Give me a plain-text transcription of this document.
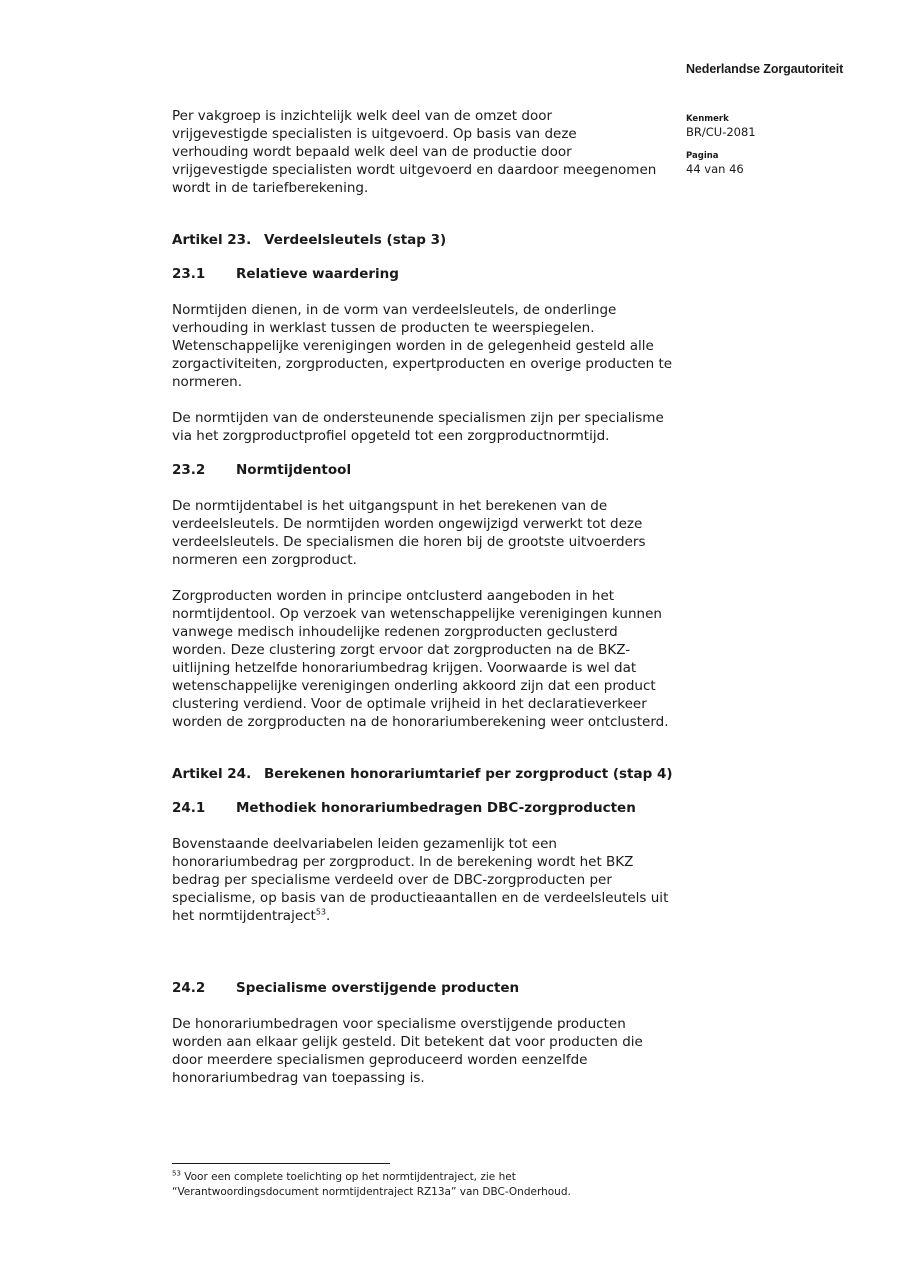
Nederlandse Zorgautoriteit
Kenmerk
BR/CU-2081
Pagina
44 van 46

Per vakgroep is inzichtelijk welk deel van de omzet door
vrijgevestigde specialisten is uitgevoerd. Op basis van deze
verhouding wordt bepaald welk deel van de productie door
vrijgevestigde specialisten wordt uitgevoerd en daardoor meegenomen
wordt in de tariefberekening.

Artikel 23. Verdeelsleutels (stap 3)
23.1 Relatieve waardering

Normtijden dienen, in de vorm van verdeelsleutels, de onderlinge
verhouding in werklast tussen de producten te weerspiegelen.
Wetenschappelijke verenigingen worden in de gelegenheid gesteld alle
zorgactiviteiten, zorgproducten, expertproducten en overige producten te
normeren.

De normtijden van de ondersteunende specialismen zijn per specialisme
via het zorgproductprofiel opgeteld tot een zorgproductnormtijd.

23.2 Normtijdentool

De normtijdentabel is het uitgangspunt in het berekenen van de
verdeelsleutels. De normtijden worden ongewijzigd verwerkt tot deze
verdeelsleutels. De specialismen die horen bij de grootste uitvoerders
normeren een zorgproduct.

Zorgproducten worden in principe ontclusterd aangeboden in het
normtijdentool. Op verzoek van wetenschappelijke verenigingen kunnen
vanwege medisch inhoudelijke redenen zorgproducten geclusterd
worden. Deze clustering zorgt ervoor dat zorgproducten na de BKZ-
uitlijning hetzelfde honorariumbedrag krijgen. Voorwaarde is wel dat
wetenschappelijke verenigingen onderling akkoord zijn dat een product
clustering verdiend. Voor de optimale vrijheid in het declaratieverkeer
worden de zorgproducten na de honorariumberekening weer ontclusterd.

Artikel 24. Berekenen honorariumtarief per zorgproduct (stap 4)
24.1 Methodiek honorariumbedragen DBC-zorgproducten

Bovenstaande deelvariabelen leiden gezamenlijk tot een
honorariumbedrag per zorgproduct. In de berekening wordt het BKZ
bedrag per specialisme verdeeld over de DBC-zorgproducten per
specialisme, op basis van de productieaantallen en de verdeelsleutels uit
het normtijdentraject$^{53}$.

24.2 Specialisme overstijgende producten

De honorariumbedragen voor specialisme overstijgende producten
worden aan elkaar gelijk gesteld. Dit betekent dat voor producten die
door meerdere specialismen geproduceerd worden eenzelfde
honorariumbedrag van toepassing is.

$^{53}$ Voor een complete toelichting op het normtijdentraject, zie het
“Verantwoordingsdocument normtijdentraject RZ13a” van DBC-Onderhoud.
